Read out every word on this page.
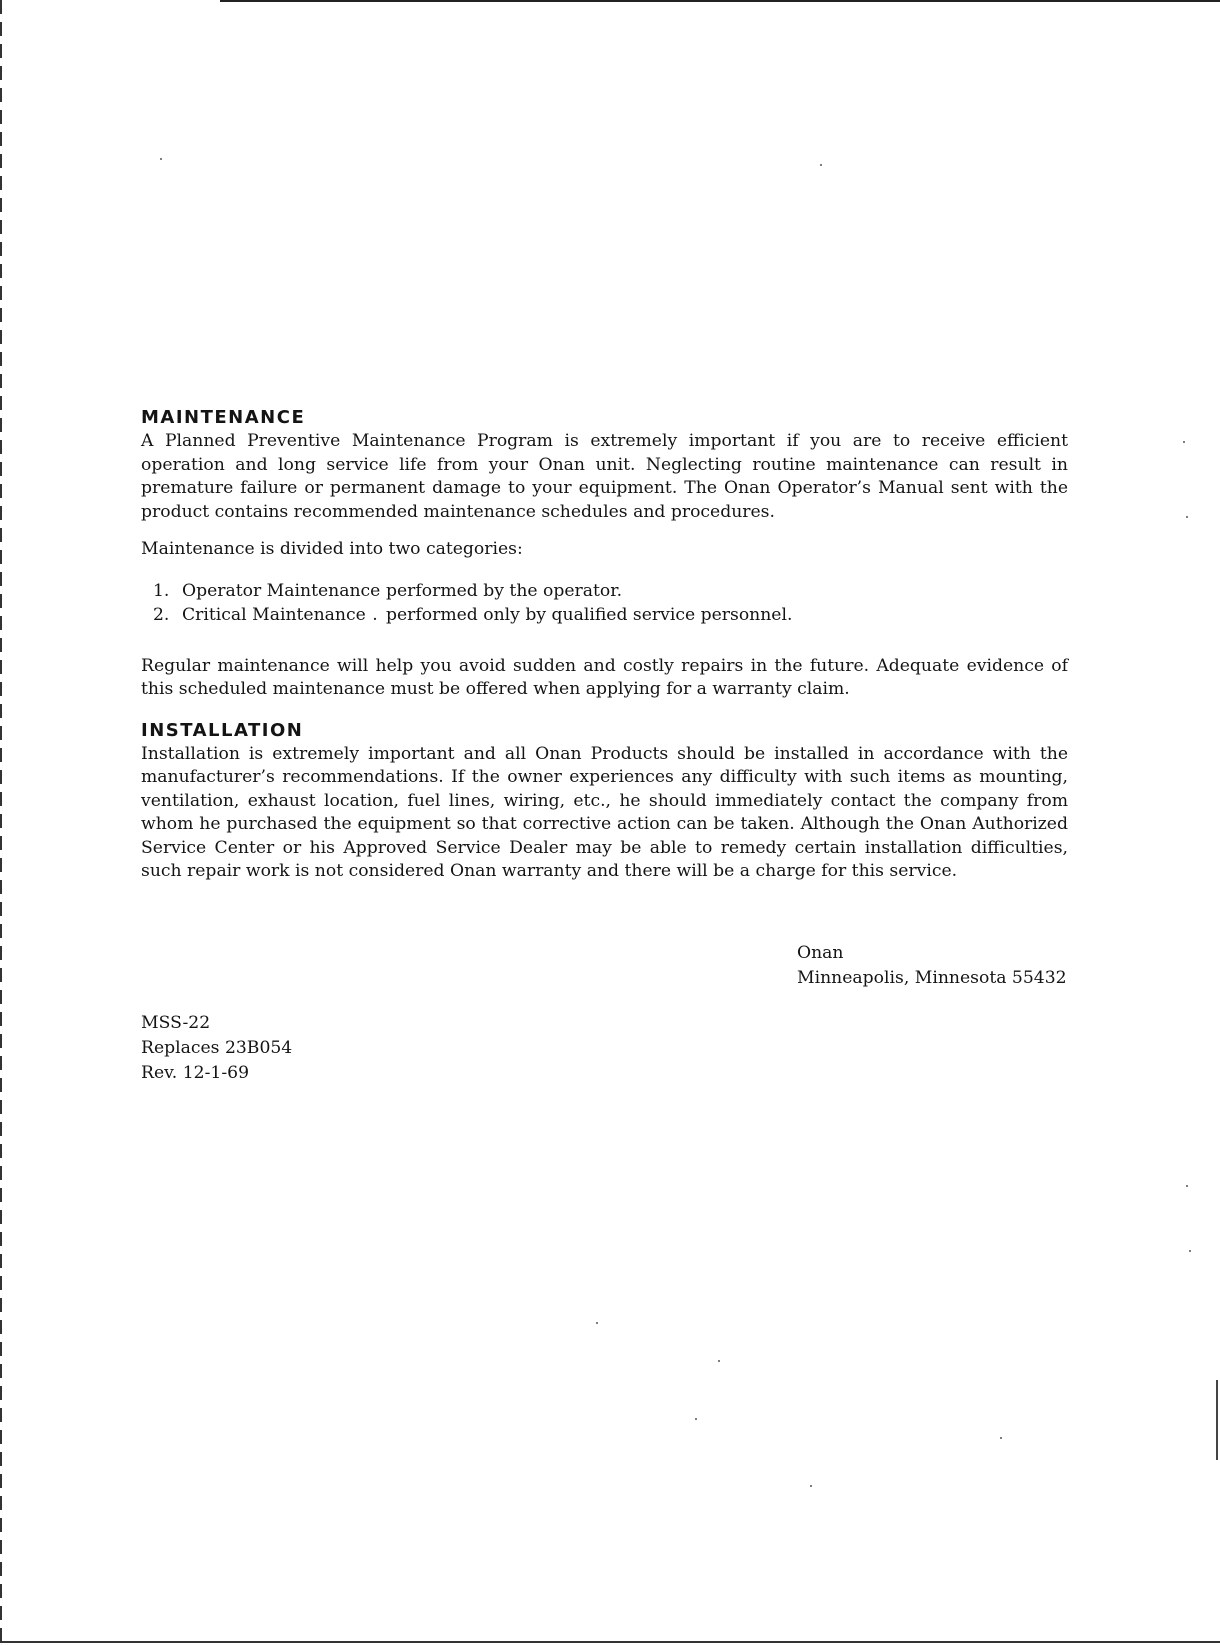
MAINTENANCE

A Planned Preventive Maintenance Program is extremely important if you are to receive efficient operation and long service life from your Onan unit. Neglecting routine maintenance can result in premature failure or permanent damage to your equipment. The Onan Operator’s Manual sent with the product contains recommended maintenance schedules and procedures.

Maintenance is divided into two categories:

1. Operator Maintenance . . . performed by the operator.
2. Critical Maintenance . . .	performed only by qualified service personnel.

Regular maintenance will help you avoid sudden and costly repairs in the future. Adequate evidence of this scheduled maintenance must be offered when applying for a warranty claim.

INSTALLATION

Installation is extremely important and all Onan Products should be installed in accordance with the manufacturer’s recommendations. If the owner experiences any difficulty with such items as mounting, ventilation, exhaust location, fuel lines, wiring, etc., he should immediately contact the company from whom he purchased the equipment so that corrective action can be taken. Although the Onan Authorized Service Center or his Approved Service Dealer may be able to remedy certain installation difficulties, such repair work is not considered Onan warranty and there will be a charge for this service.

Onan
Minneapolis, Minnesota 55432
MSS-22
Replaces 23B054
Rev. 12-1-69
